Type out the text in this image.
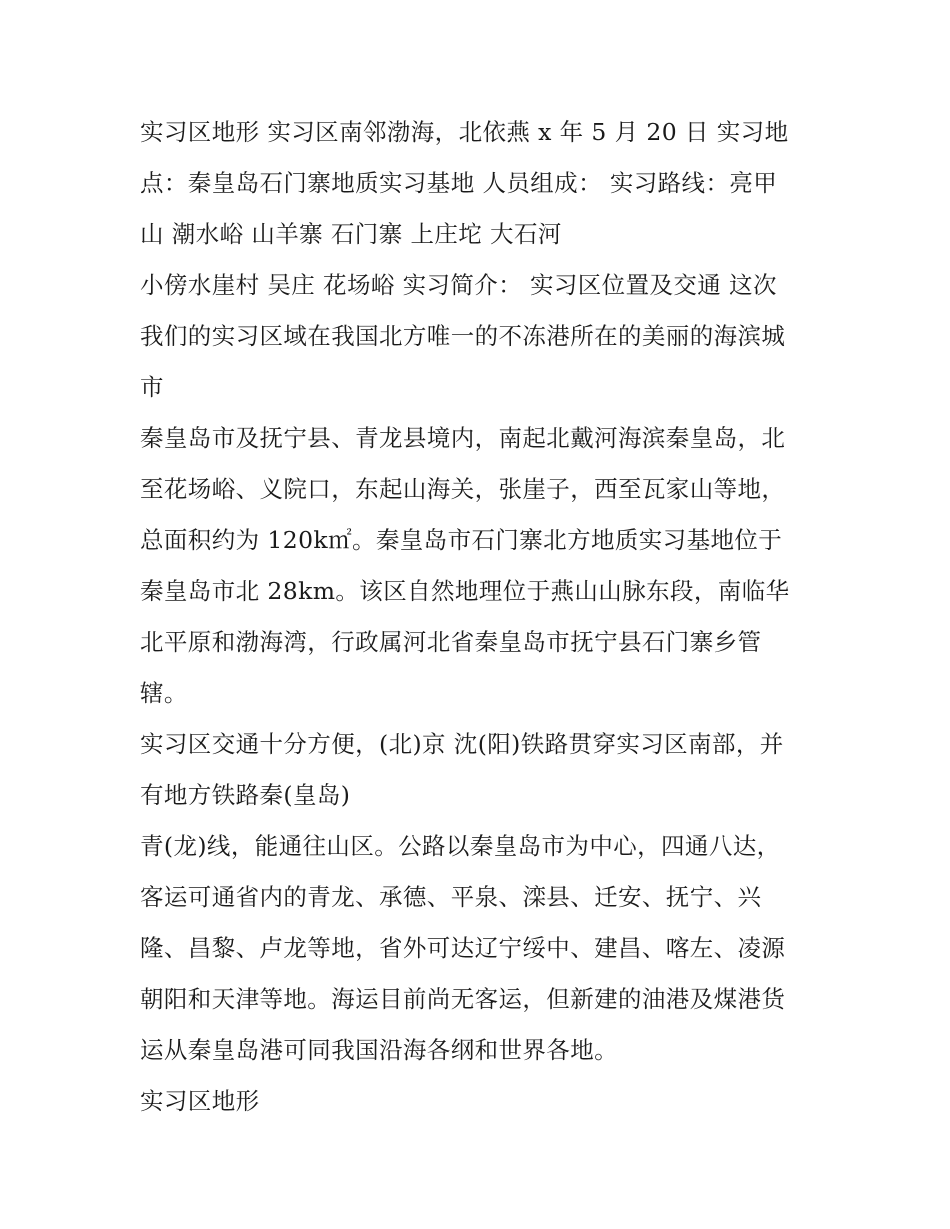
实习区地形 实习区南邻渤海，北依燕 x 年 5 月 20 日 实习地
点：秦皇岛石门寨地质实习基地 人员组成： 实习路线：亮甲
山 潮水峪 山羊寨 石门寨 上庄坨 大石河
小傍水崖村 吴庄 花场峪 实习简介： 实习区位置及交通 这次
我们的实习区域在我国北方唯一的不冻港所在的美丽的海滨城
市
秦皇岛市及抚宁县、青龙县境内，南起北戴河海滨秦皇岛，北
至花场峪、义院口，东起山海关，张崖子，西至瓦家山等地，
总面积约为 120k㎡。秦皇岛市石门寨北方地质实习基地位于
秦皇岛市北 28km。该区自然地理位于燕山山脉东段，南临华
北平原和渤海湾，行政属河北省秦皇岛市抚宁县石门寨乡管
辖。
实习区交通十分方便，(北)京 沈(阳)铁路贯穿实习区南部，并
有地方铁路秦(皇岛)
青(龙)线，能通往山区。公路以秦皇岛市为中心，四通八达，
客运可通省内的青龙、承德、平泉、滦县、迁安、抚宁、兴
隆、昌黎、卢龙等地，省外可达辽宁绥中、建昌、喀左、凌源
朝阳和天津等地。海运目前尚无客运，但新建的油港及煤港货
运从秦皇岛港可同我国沿海各纲和世界各地。
实习区地形
